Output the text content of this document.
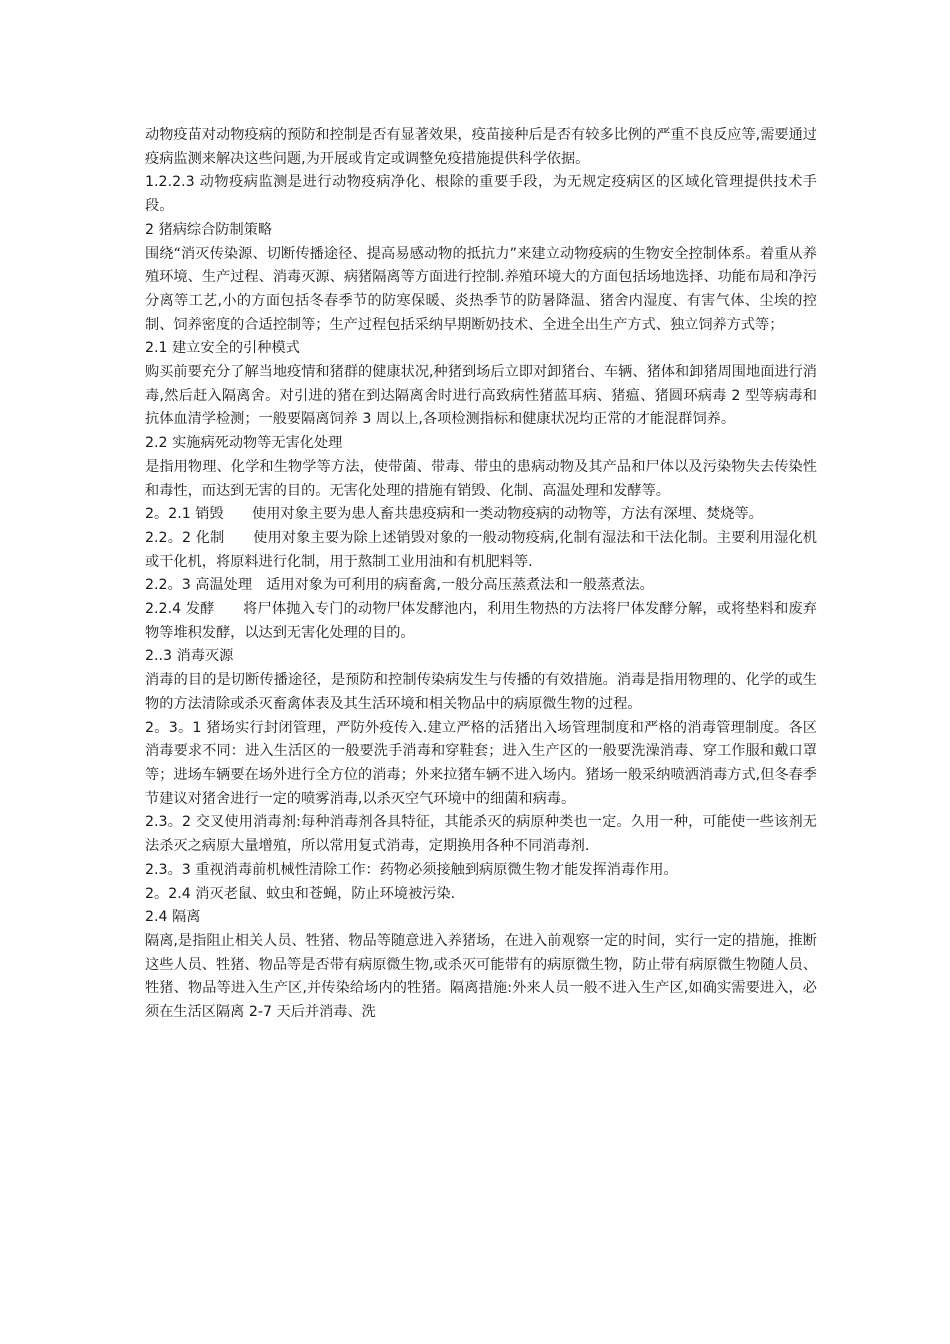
动物疫苗对动物疫病的预防和控制是否有显著效果，疫苗接种后是否有较多比例的严重不良反应等,需要通过疫病监测来解决这些问题,为开展或肯定或调整免疫措施提供科学依据。

1.2.2.3 动物疫病监测是进行动物疫病净化、根除的重要手段，为无规定疫病区的区域化管理提供技术手段。

2 猪病综合防制策略

围绕“消灭传染源、切断传播途径、提高易感动物的抵抗力”来建立动物疫病的生物安全控制体系。着重从养殖环境、生产过程、消毒灭源、病猪隔离等方面进行控制.养殖环境大的方面包括场地选择、功能布局和净污分离等工艺,小的方面包括冬春季节的防寒保暖、炎热季节的防暑降温、猪舍内湿度、有害气体、尘埃的控制、饲养密度的合适控制等；生产过程包括采纳早期断奶技术、全进全出生产方式、独立饲养方式等；

2.1 建立安全的引种模式

购买前要充分了解当地疫情和猪群的健康状况,种猪到场后立即对卸猪台、车辆、猪体和卸猪周围地面进行消毒,然后赶入隔离舍。对引进的猪在到达隔离舍时进行高致病性猪蓝耳病、猪瘟、猪圆环病毒 2 型等病毒和抗体血清学检测；一般要隔离饲养 3 周以上,各项检测指标和健康状况均正常的才能混群饲养。

2.2 实施病死动物等无害化处理

是指用物理、化学和生物学等方法，使带菌、带毒、带虫的患病动物及其产品和尸体以及污染物失去传染性和毒性，而达到无害的目的。无害化处理的措施有销毁、化制、高温处理和发酵等。

2。2.1 销毁　　使用对象主要为患人畜共患疫病和一类动物疫病的动物等，方法有深埋、焚烧等。

2.2。2 化制　　使用对象主要为除上述销毁对象的一般动物疫病,化制有湿法和干法化制。主要利用湿化机或干化机，将原料进行化制，用于熬制工业用油和有机肥料等.

2.2。3 高温处理　适用对象为可利用的病畜禽,一般分高压蒸煮法和一般蒸煮法。

2.2.4 发酵　　将尸体抛入专门的动物尸体发酵池内，利用生物热的方法将尸体发酵分解，或将垫料和废弃物等堆积发酵，以达到无害化处理的目的。

2..3 消毒灭源

消毒的目的是切断传播途径，是预防和控制传染病发生与传播的有效措施。消毒是指用物理的、化学的或生物的方法清除或杀灭畜禽体表及其生活环境和相关物品中的病原微生物的过程。

2。3。1 猪场实行封闭管理，严防外疫传入.建立严格的活猪出入场管理制度和严格的消毒管理制度。各区消毒要求不同：进入生活区的一般要洗手消毒和穿鞋套；进入生产区的一般要洗澡消毒、穿工作服和戴口罩等；进场车辆要在场外进行全方位的消毒；外来拉猪车辆不进入场内。猪场一般采纳喷洒消毒方式,但冬春季节建议对猪舍进行一定的喷雾消毒,以杀灭空气环境中的细菌和病毒。

2.3。2 交叉使用消毒剂:每种消毒剂各具特征，其能杀灭的病原种类也一定。久用一种，可能使一些该剂无法杀灭之病原大量增殖，所以常用复式消毒，定期换用各种不同消毒剂.

2.3。3 重视消毒前机械性清除工作：药物必须接触到病原微生物才能发挥消毒作用。

2。2.4 消灭老鼠、蚊虫和苍蝇，防止环境被污染.

2.4 隔离

隔离,是指阻止相关人员、牲猪、物品等随意进入养猪场，在进入前观察一定的时间，实行一定的措施，推断这些人员、牲猪、物品等是否带有病原微生物,或杀灭可能带有的病原微生物，防止带有病原微生物随人员、牲猪、物品等进入生产区,并传染给场内的牲猪。隔离措施:外来人员一般不进入生产区,如确实需要进入，必须在生活区隔离 2-7 天后并消毒、洗
